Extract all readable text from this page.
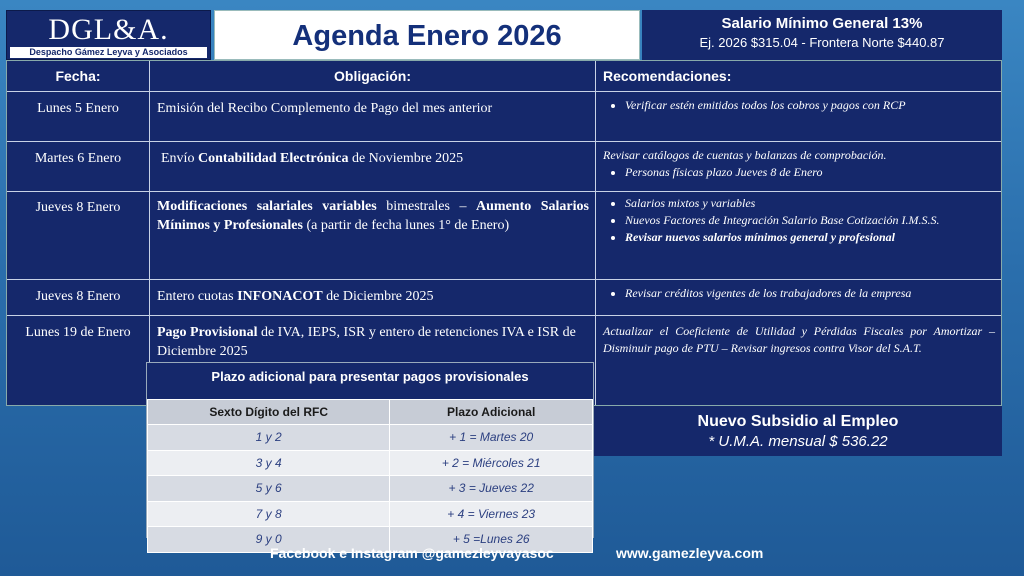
DGL&A.
Despacho Gámez Leyva y Asociados	Agenda Enero 2026	Salario Mínimo General 13%
Ej. 2026 $315.04 - Frontera Norte $440.87
Fecha:	Obligación:	Recomendaciones:
Lunes 5 Enero	Emisión del Recibo Complemento de Pago del mes anterior	• Verificar estén emitidos todos los cobros y pagos con RCP
Martes 6 Enero	Envío Contabilidad Electrónica de Noviembre 2025	Revisar catálogos de cuentas y balanzas de comprobación.
• Personas físicas plazo Jueves 8 de Enero
Jueves 8 Enero	Modificaciones salariales variables bimestrales – Aumento Salarios Mínimos y Profesionales (a partir de fecha lunes 1° de Enero)
• Salarios mixtos y variables
• Nuevos Factores de Integración Salario Base Cotización I.M.S.S.
• Revisar nuevos salarios mínimos general y profesional
Jueves 8 Enero	Entero cuotas INFONACOT de Diciembre 2025	• Revisar créditos vigentes de los trabajadores de la empresa
Lunes 19 de Enero	Pago Provisional de IVA, IEPS, ISR y entero de retenciones IVA e ISR de Diciembre 2025
Actualizar el Coeficiente de Utilidad y Pérdidas Fiscales por Amortizar – Disminuir pago de PTU – Revisar ingresos contra Visor del S.A.T.
Plazo adicional para presentar pagos provisionales
Sexto Dígito del RFC	Plazo Adicional
1 y 2	+ 1 = Martes 20
3 y 4	+ 2 = Miércoles 21
5 y 6	+ 3 = Jueves 22
7 y 8	+ 4 = Viernes 23
9 y 0	+ 5 =Lunes 26
Nuevo Subsidio al Empleo
* U.M.A. mensual $ 536.22
Facebook e Instagram @gamezleyvayasoc	www.gamezleyva.com
